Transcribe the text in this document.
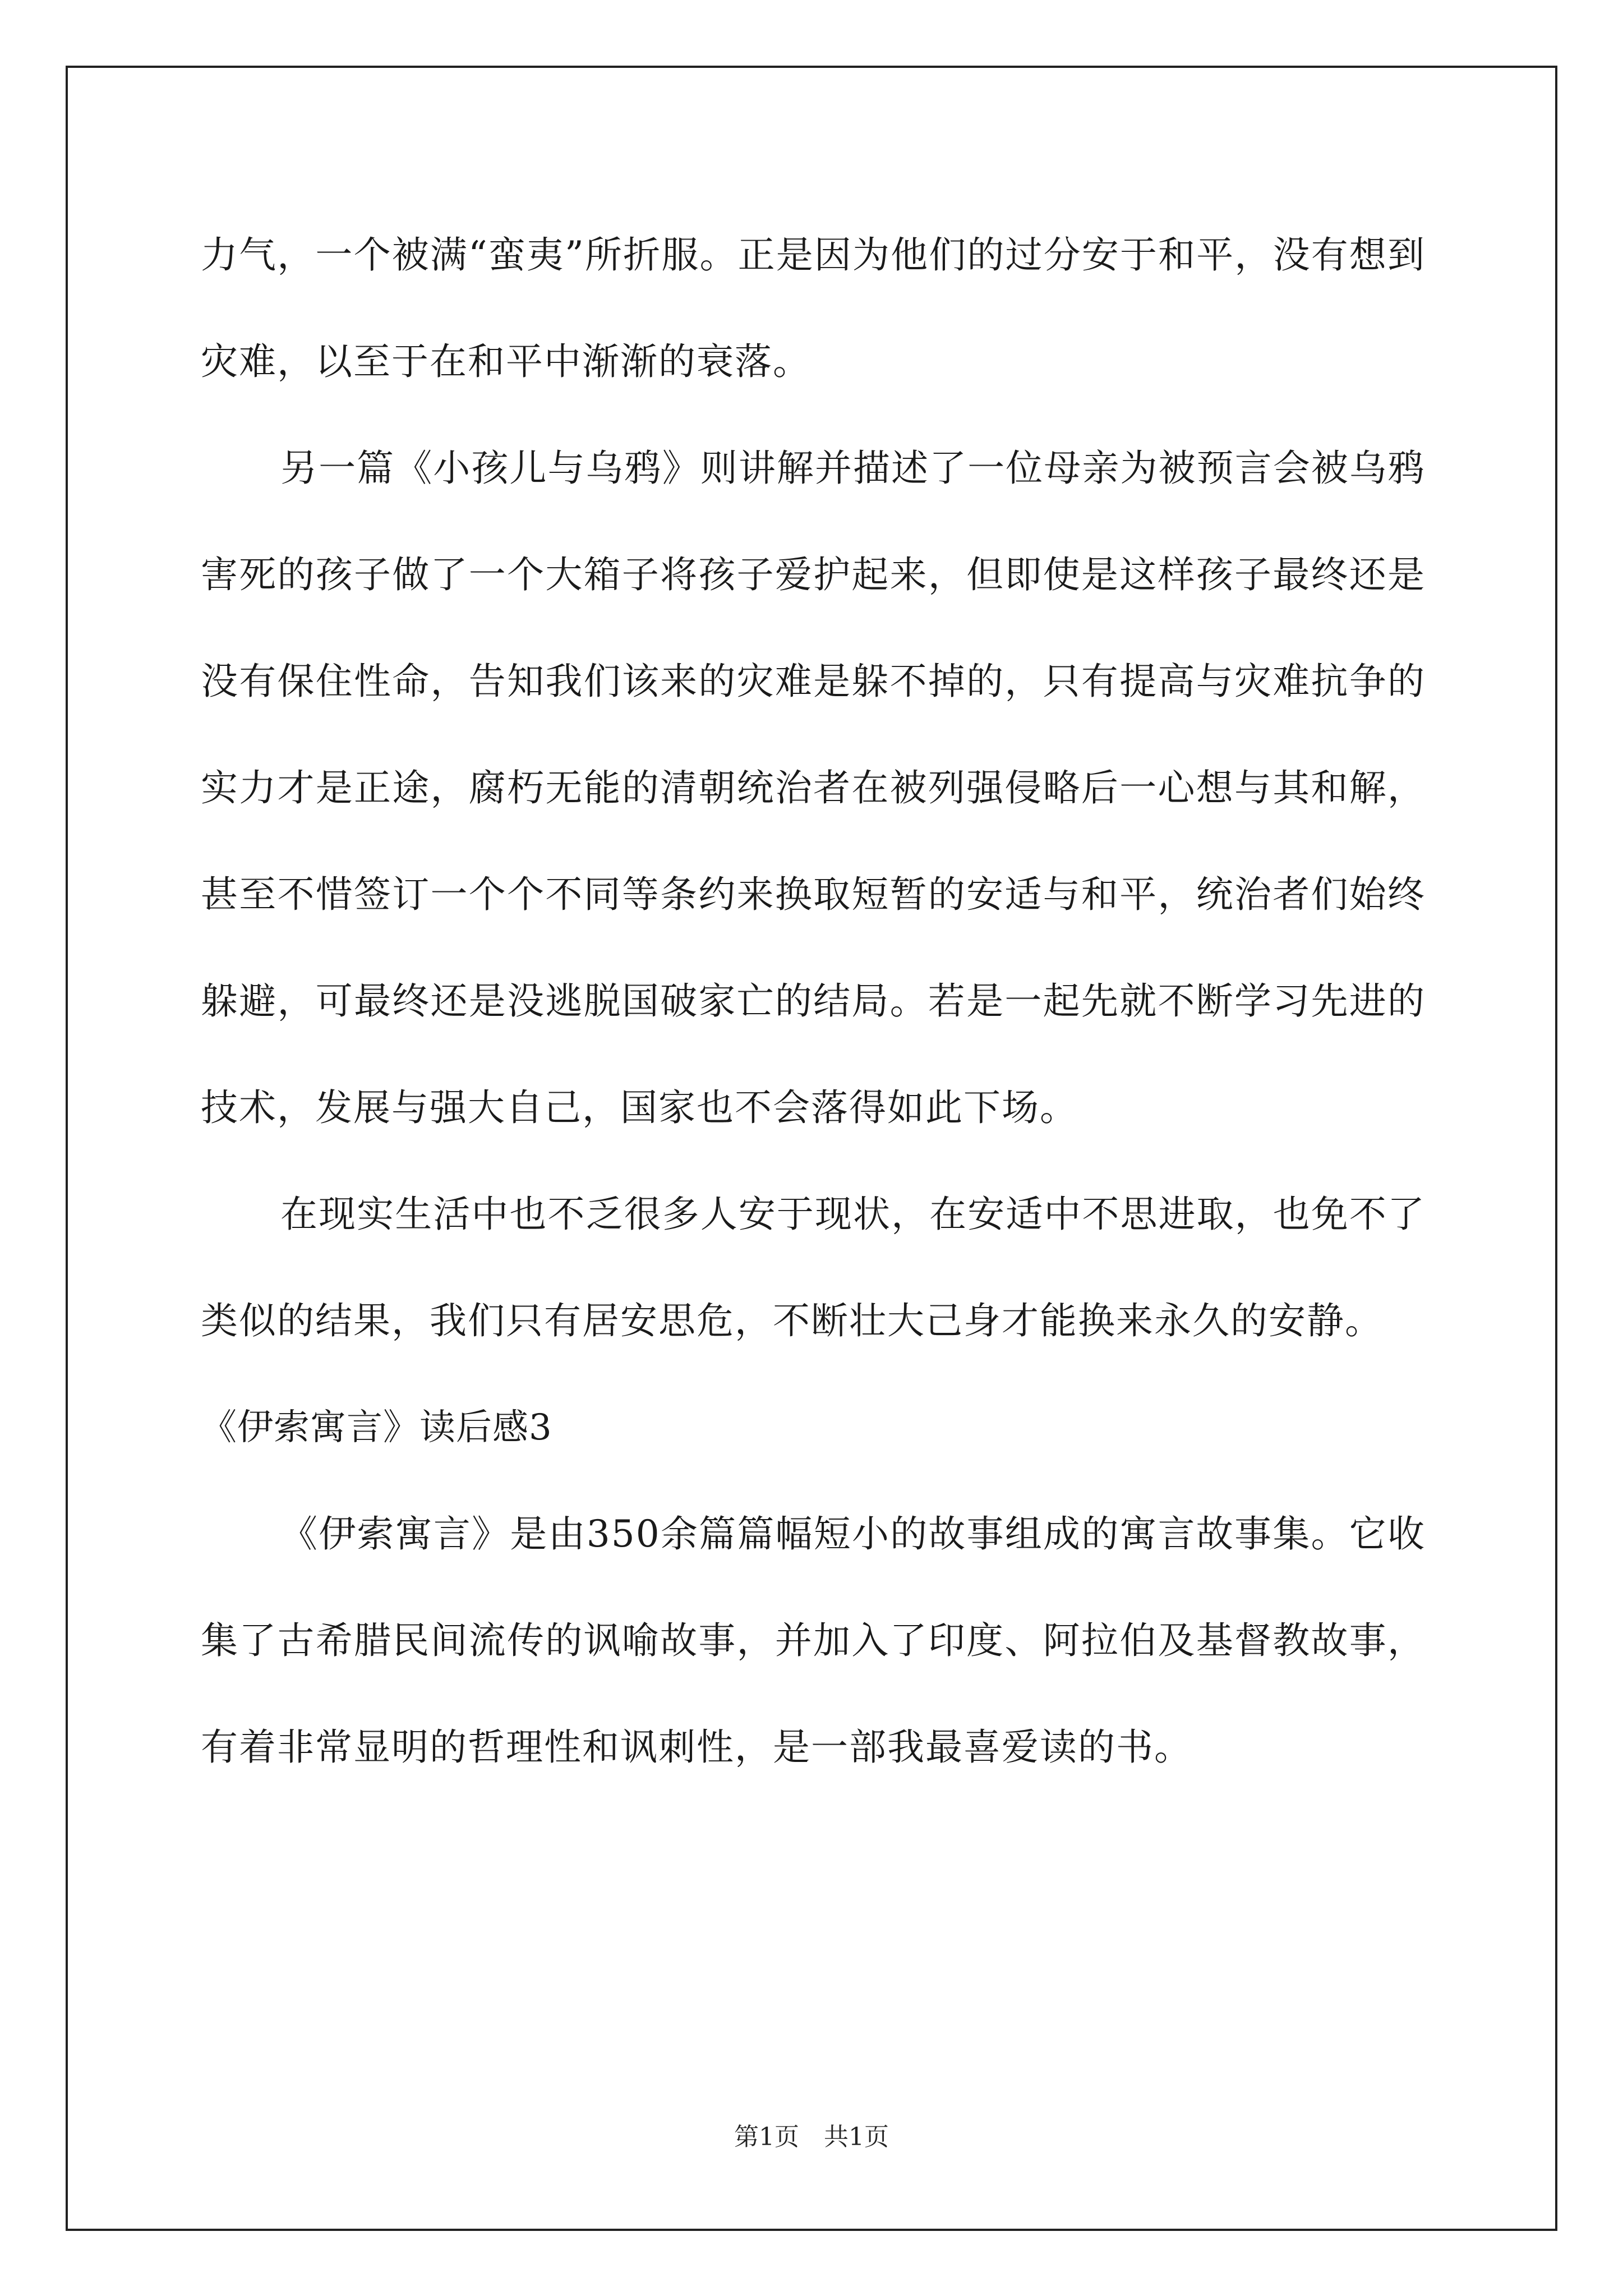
力气，一个被满“蛮夷”所折服。正是因为他们的过分安于和平，没有想到灾难，以至于在和平中渐渐的衰落。

另一篇《小孩儿与乌鸦》则讲解并描述了一位母亲为被预言会被乌鸦害死的孩子做了一个大箱子将孩子爱护起来，但即使是这样孩子最终还是没有保住性命，告知我们该来的灾难是躲不掉的，只有提高与灾难抗争的实力才是正途，腐朽无能的清朝统治者在被列强侵略后一心想与其和解，甚至不惜签订一个个不同等条约来换取短暂的安适与和平，统治者们始终躲避，可最终还是没逃脱国破家亡的结局。若是一起先就不断学习先进的技术，发展与强大自己，国家也不会落得如此下场。

在现实生活中也不乏很多人安于现状，在安适中不思进取，也免不了类似的结果，我们只有居安思危，不断壮大己身才能换来永久的安静。

《伊索寓言》读后感3

《伊索寓言》是由350余篇篇幅短小的故事组成的寓言故事集。它收集了古希腊民间流传的讽喻故事，并加入了印度、阿拉伯及基督教故事，有着非常显明的哲理性和讽刺性，是一部我最喜爱读的书。

第1页　共1页
